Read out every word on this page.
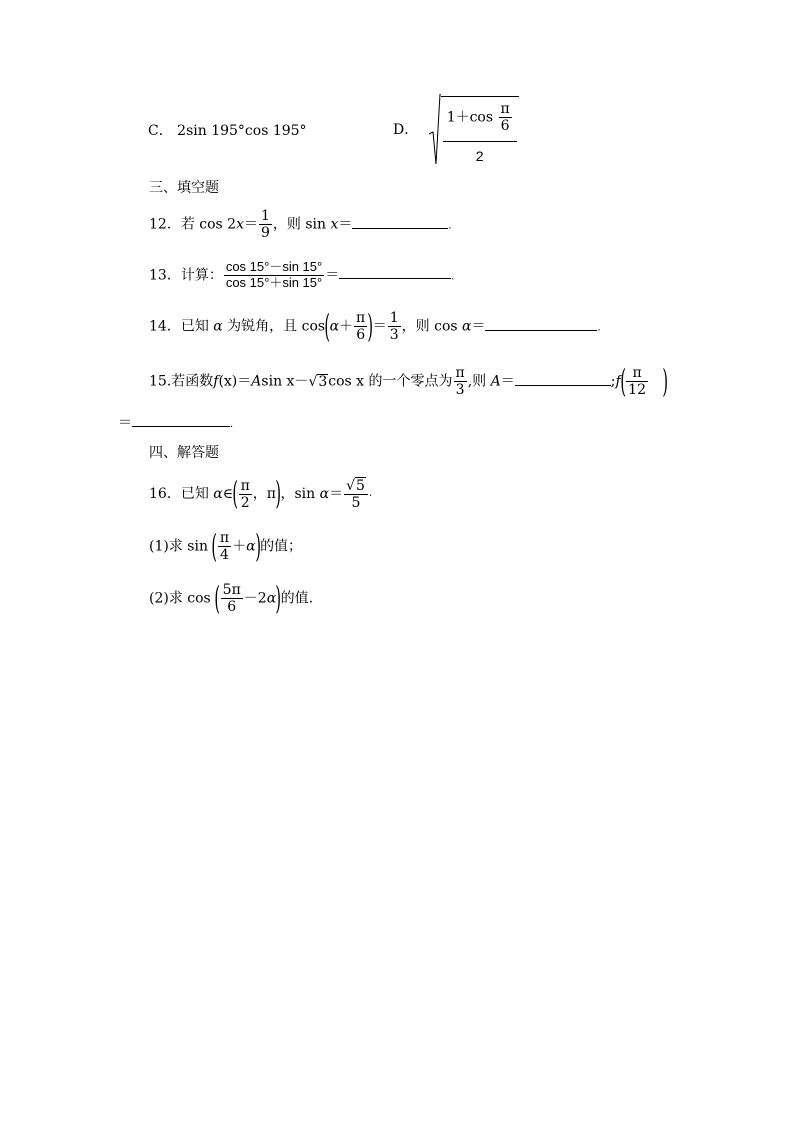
C． 2sin 195°cos 195°	D． $\frac{1+\cos \frac{\pi}{6}}{2}$
三、填空题
12．若 $\cos 2x= \frac{1}{9}$ ，则 sin x＝	.
13．计算： $\frac{\cos 15^\circ-\sin 15^\circ}{\cos 15^\circ+\sin 15^\circ}$ ＝	.
14．已知 α 为锐角，且 $\cos(\alpha+ \frac{\pi}{6}$ )＝ $\frac{1}{3}$ ，则 cos α＝	.
15.若函数f(x)＝Asin x－√3cos x 的一个零点为 $\frac{\pi}{3}$ ,则 A＝	;f( $\frac{\pi}{12}$ )
＝	.
四、解答题
16．已知 α∈( $\frac{\pi}{2}$ ，π)，$\sin \alpha= \frac{√5}{5}$ .
(1)求 sin ( $\frac{\pi}{4} +\alpha$)的值；
(2)求 cos ( $\frac{5\pi}{6} -2\alpha$)的值.
